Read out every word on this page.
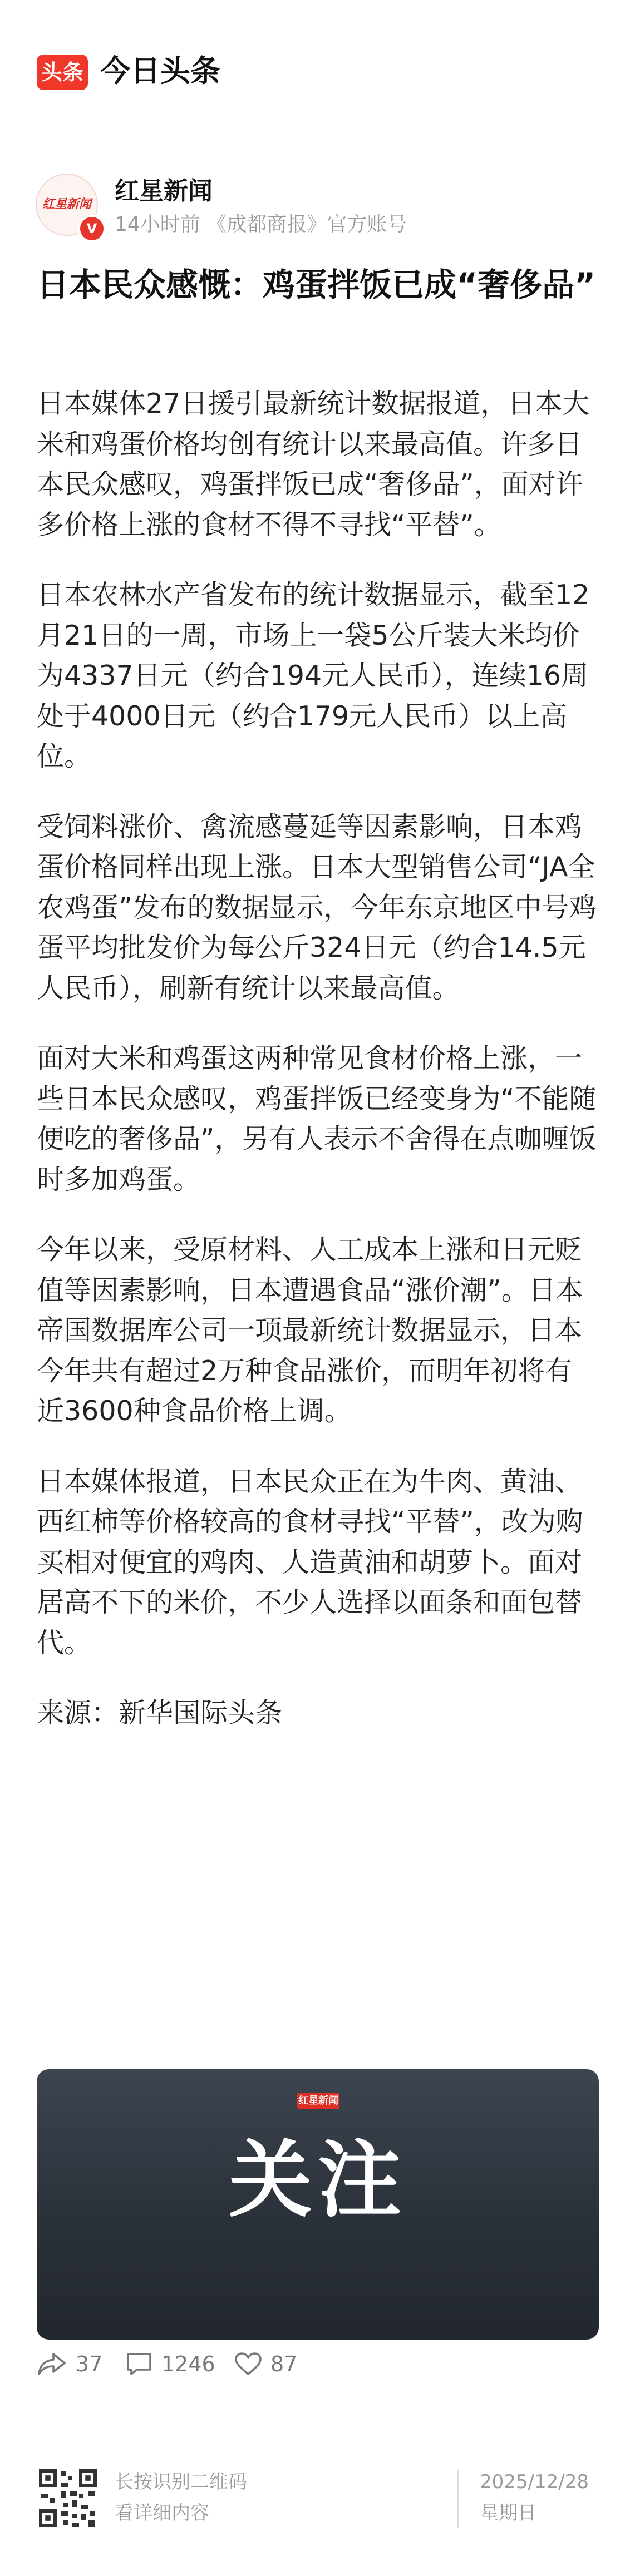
头条 今日头条
红星新闻
V
红星新闻
14小时前 《成都商报》官方账号
日本民众感慨：鸡蛋拌饭已成“奢侈品”

日本媒体27日援引最新统计数据报道，日本大米和鸡蛋价格均创有统计以来最高值。许多日本民众感叹，鸡蛋拌饭已成“奢侈品”，面对许多价格上涨的食材不得不寻找“平替”。

日本农林水产省发布的统计数据显示，截至12月21日的一周，市场上一袋5公斤装大米均价为4337日元（约合194元人民币），连续16周处于4000日元（约合179元人民币）以上高位。

受饲料涨价、禽流感蔓延等因素影响，日本鸡蛋价格同样出现上涨。日本大型销售公司“JA全农鸡蛋”发布的数据显示，今年东京地区中号鸡蛋平均批发价为每公斤324日元（约合14.5元人民币），刷新有统计以来最高值。

面对大米和鸡蛋这两种常见食材价格上涨，一些日本民众感叹，鸡蛋拌饭已经变身为“不能随便吃的奢侈品”，另有人表示不舍得在点咖喱饭时多加鸡蛋。

今年以来，受原材料、人工成本上涨和日元贬值等因素影响，日本遭遇食品“涨价潮”。日本帝国数据库公司一项最新统计数据显示，日本今年共有超过2万种食品涨价，而明年初将有近3600种食品价格上调。

日本媒体报道，日本民众正在为牛肉、黄油、西红柿等价格较高的食材寻找“平替”，改为购买相对便宜的鸡肉、人造黄油和胡萝卜。面对居高不下的米价，不少人选择以面条和面包替代。

来源：新华国际头条

红星新闻
关注
37	1246	87
长按识别二维码
看详细内容
2025/12/28
星期日
